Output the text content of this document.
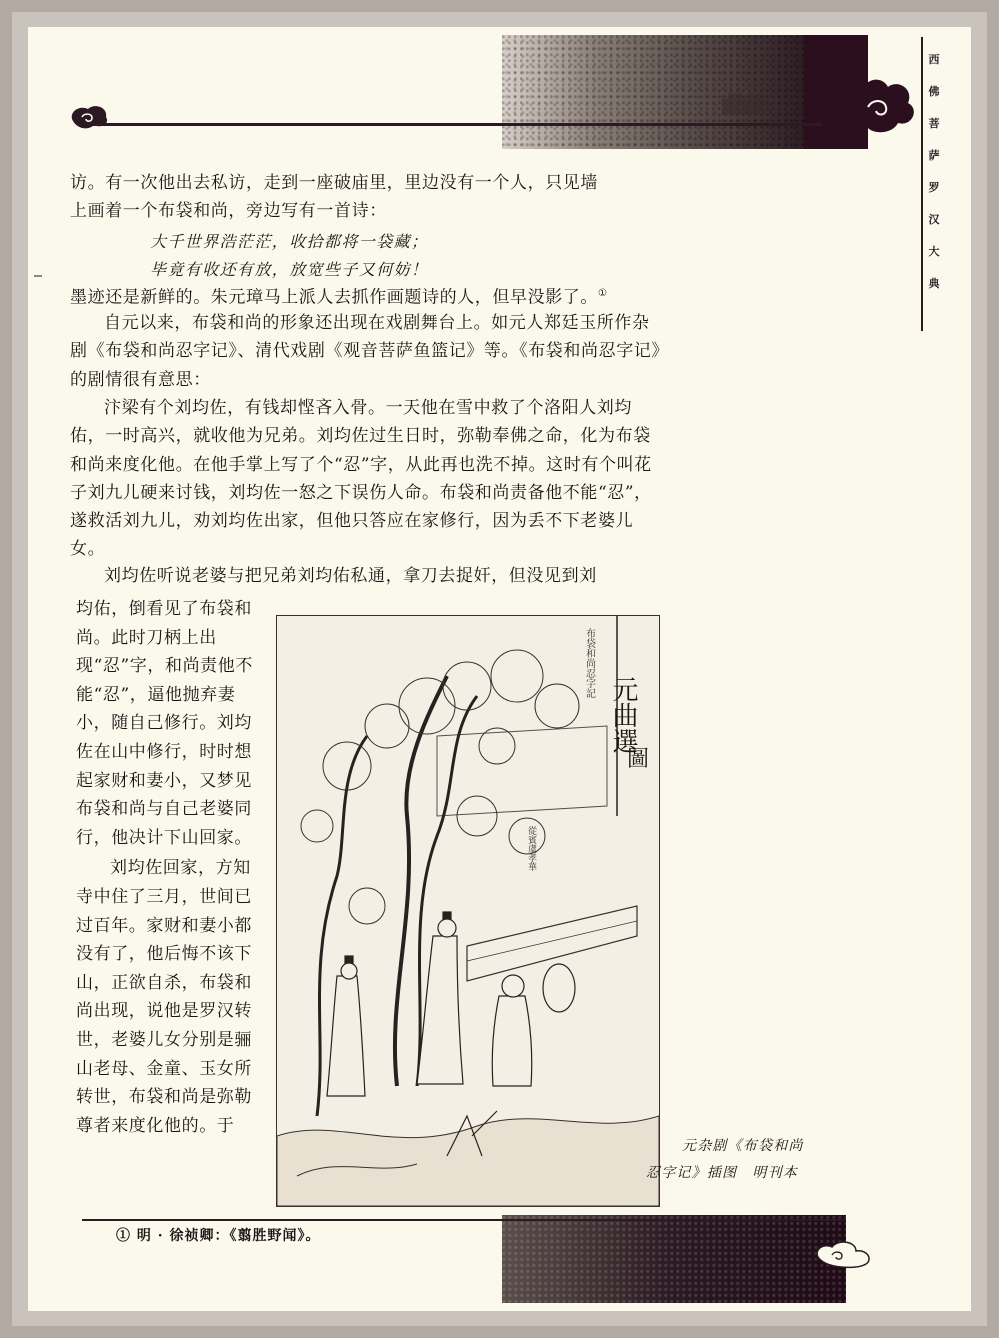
西
佛
菩
萨
罗
汉
大
典

访。有一次他出去私访，走到一座破庙里，里边没有一个人，只见墙

上画着一个布袋和尚，旁边写有一首诗：

大千世界浩茫茫，收拾都将一袋藏；
毕竟有收还有放，放宽些子又何妨！

墨迹还是新鲜的。朱元璋马上派人去抓作画题诗的人，但早没影了。①

自元以来，布袋和尚的形象还出现在戏剧舞台上。如元人郑廷玉所作杂剧《布袋和尚忍字记》、清代戏剧《观音菩萨鱼篮记》等。《布袋和尚忍字记》的剧情很有意思：

汴梁有个刘均佐，有钱却悭吝入骨。一天他在雪中救了个洛阳人刘均佑，一时高兴，就收他为兄弟。刘均佐过生日时，弥勒奉佛之命，化为布袋和尚来度化他。在他手掌上写了个“忍”字，从此再也洗不掉。这时有个叫花子刘九儿硬来讨钱，刘均佐一怒之下误伤人命。布袋和尚责备他不能“忍”，遂救活刘九儿，劝刘均佐出家，但他只答应在家修行，因为丢不下老婆儿女。

刘均佐听说老婆与把兄弟刘均佑私通，拿刀去捉奸，但没见到刘

均佑，倒看见了布袋和尚。此时刀柄上出现“忍”字，和尚责他不能“忍”，逼他抛弃妻小，随自己修行。刘均佐在山中修行，时时想起家财和妻小，又梦见布袋和尚与自己老婆同行，他决计下山回家。

刘均佐回家，方知寺中住了三月，世间已过百年。家财和妻小都没有了，他后悔不该下山，正欲自杀，布袋和尚出现，说他是罗汉转世，老婆儿女分别是骊山老母、金童、玉女所转世，布袋和尚是弥勒尊者来度化他的。于

元曲選
圖
布袋和尚忍字記
從賓虞孝華
元杂剧《布袋和尚
忍字记》插图　明刊本
① 明 · 徐祯卿：《翦胜野闻》。
